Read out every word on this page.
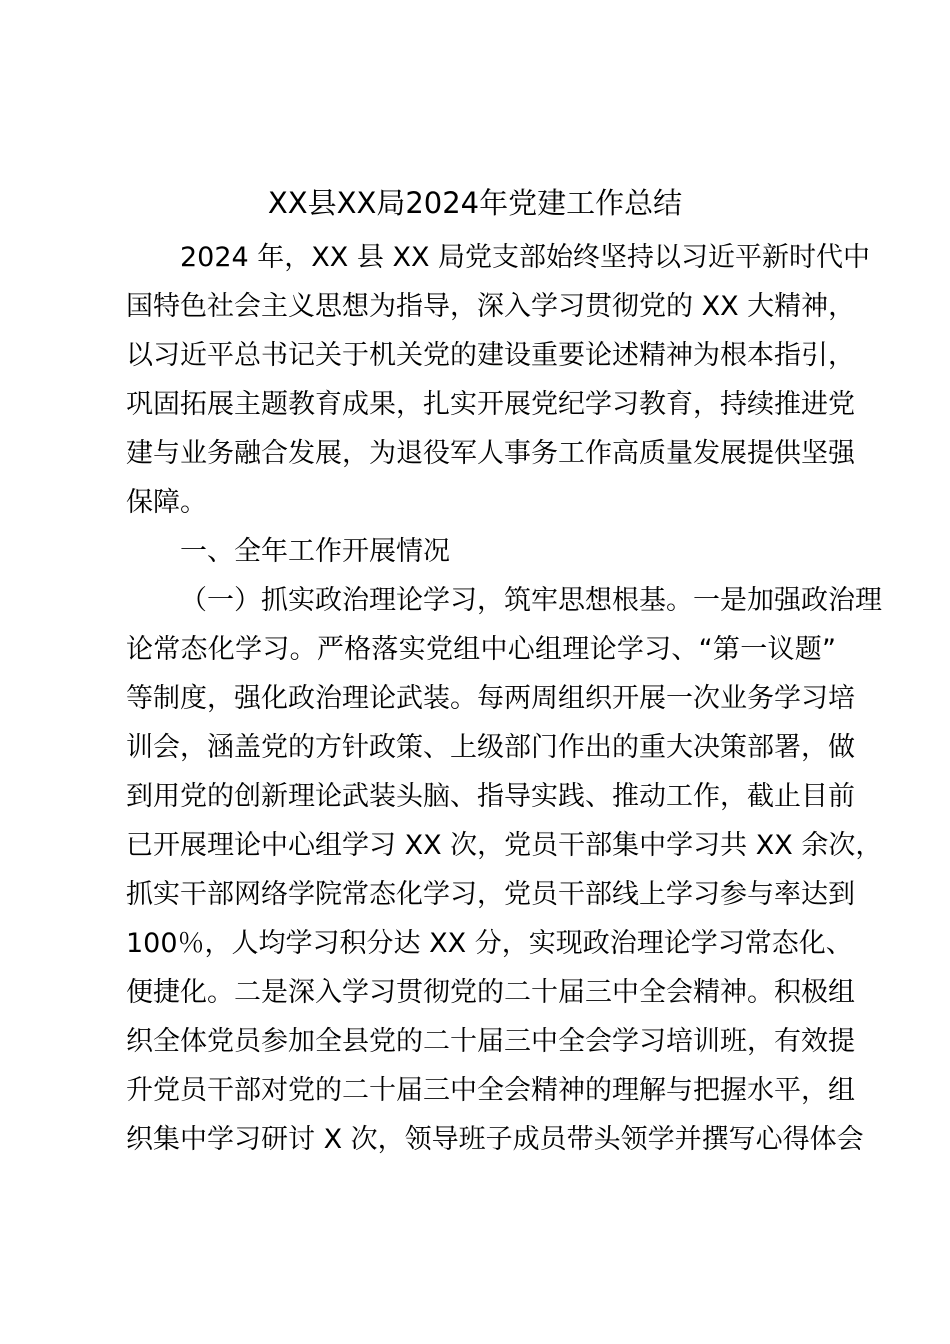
XX县XX局2024年党建工作总结
2024 年，XX 县 XX 局党支部始终坚持以习近平新时代中
国特色社会主义思想为指导，深入学习贯彻党的 XX 大精神，
以习近平总书记关于机关党的建设重要论述精神为根本指引，
巩固拓展主题教育成果，扎实开展党纪学习教育，持续推进党
建与业务融合发展，为退役军人事务工作高质量发展提供坚强
保障。
一、全年工作开展情况
（一）抓实政治理论学习，筑牢思想根基。一是加强政治理
论常态化学习。严格落实党组中心组理论学习、“第一议题”
等制度，强化政治理论武装。每两周组织开展一次业务学习培
训会，涵盖党的方针政策、上级部门作出的重大决策部署，做
到用党的创新理论武装头脑、指导实践、推动工作，截止目前
已开展理论中心组学习 XX 次，党员干部集中学习共 XX 余次，
抓实干部网络学院常态化学习，党员干部线上学习参与率达到
100％，人均学习积分达 XX 分，实现政治理论学习常态化、
便捷化。二是深入学习贯彻党的二十届三中全会精神。积极组
织全体党员参加全县党的二十届三中全会学习培训班，有效提
升党员干部对党的二十届三中全会精神的理解与把握水平，组
织集中学习研讨 X 次，领导班子成员带头领学并撰写心得体会
